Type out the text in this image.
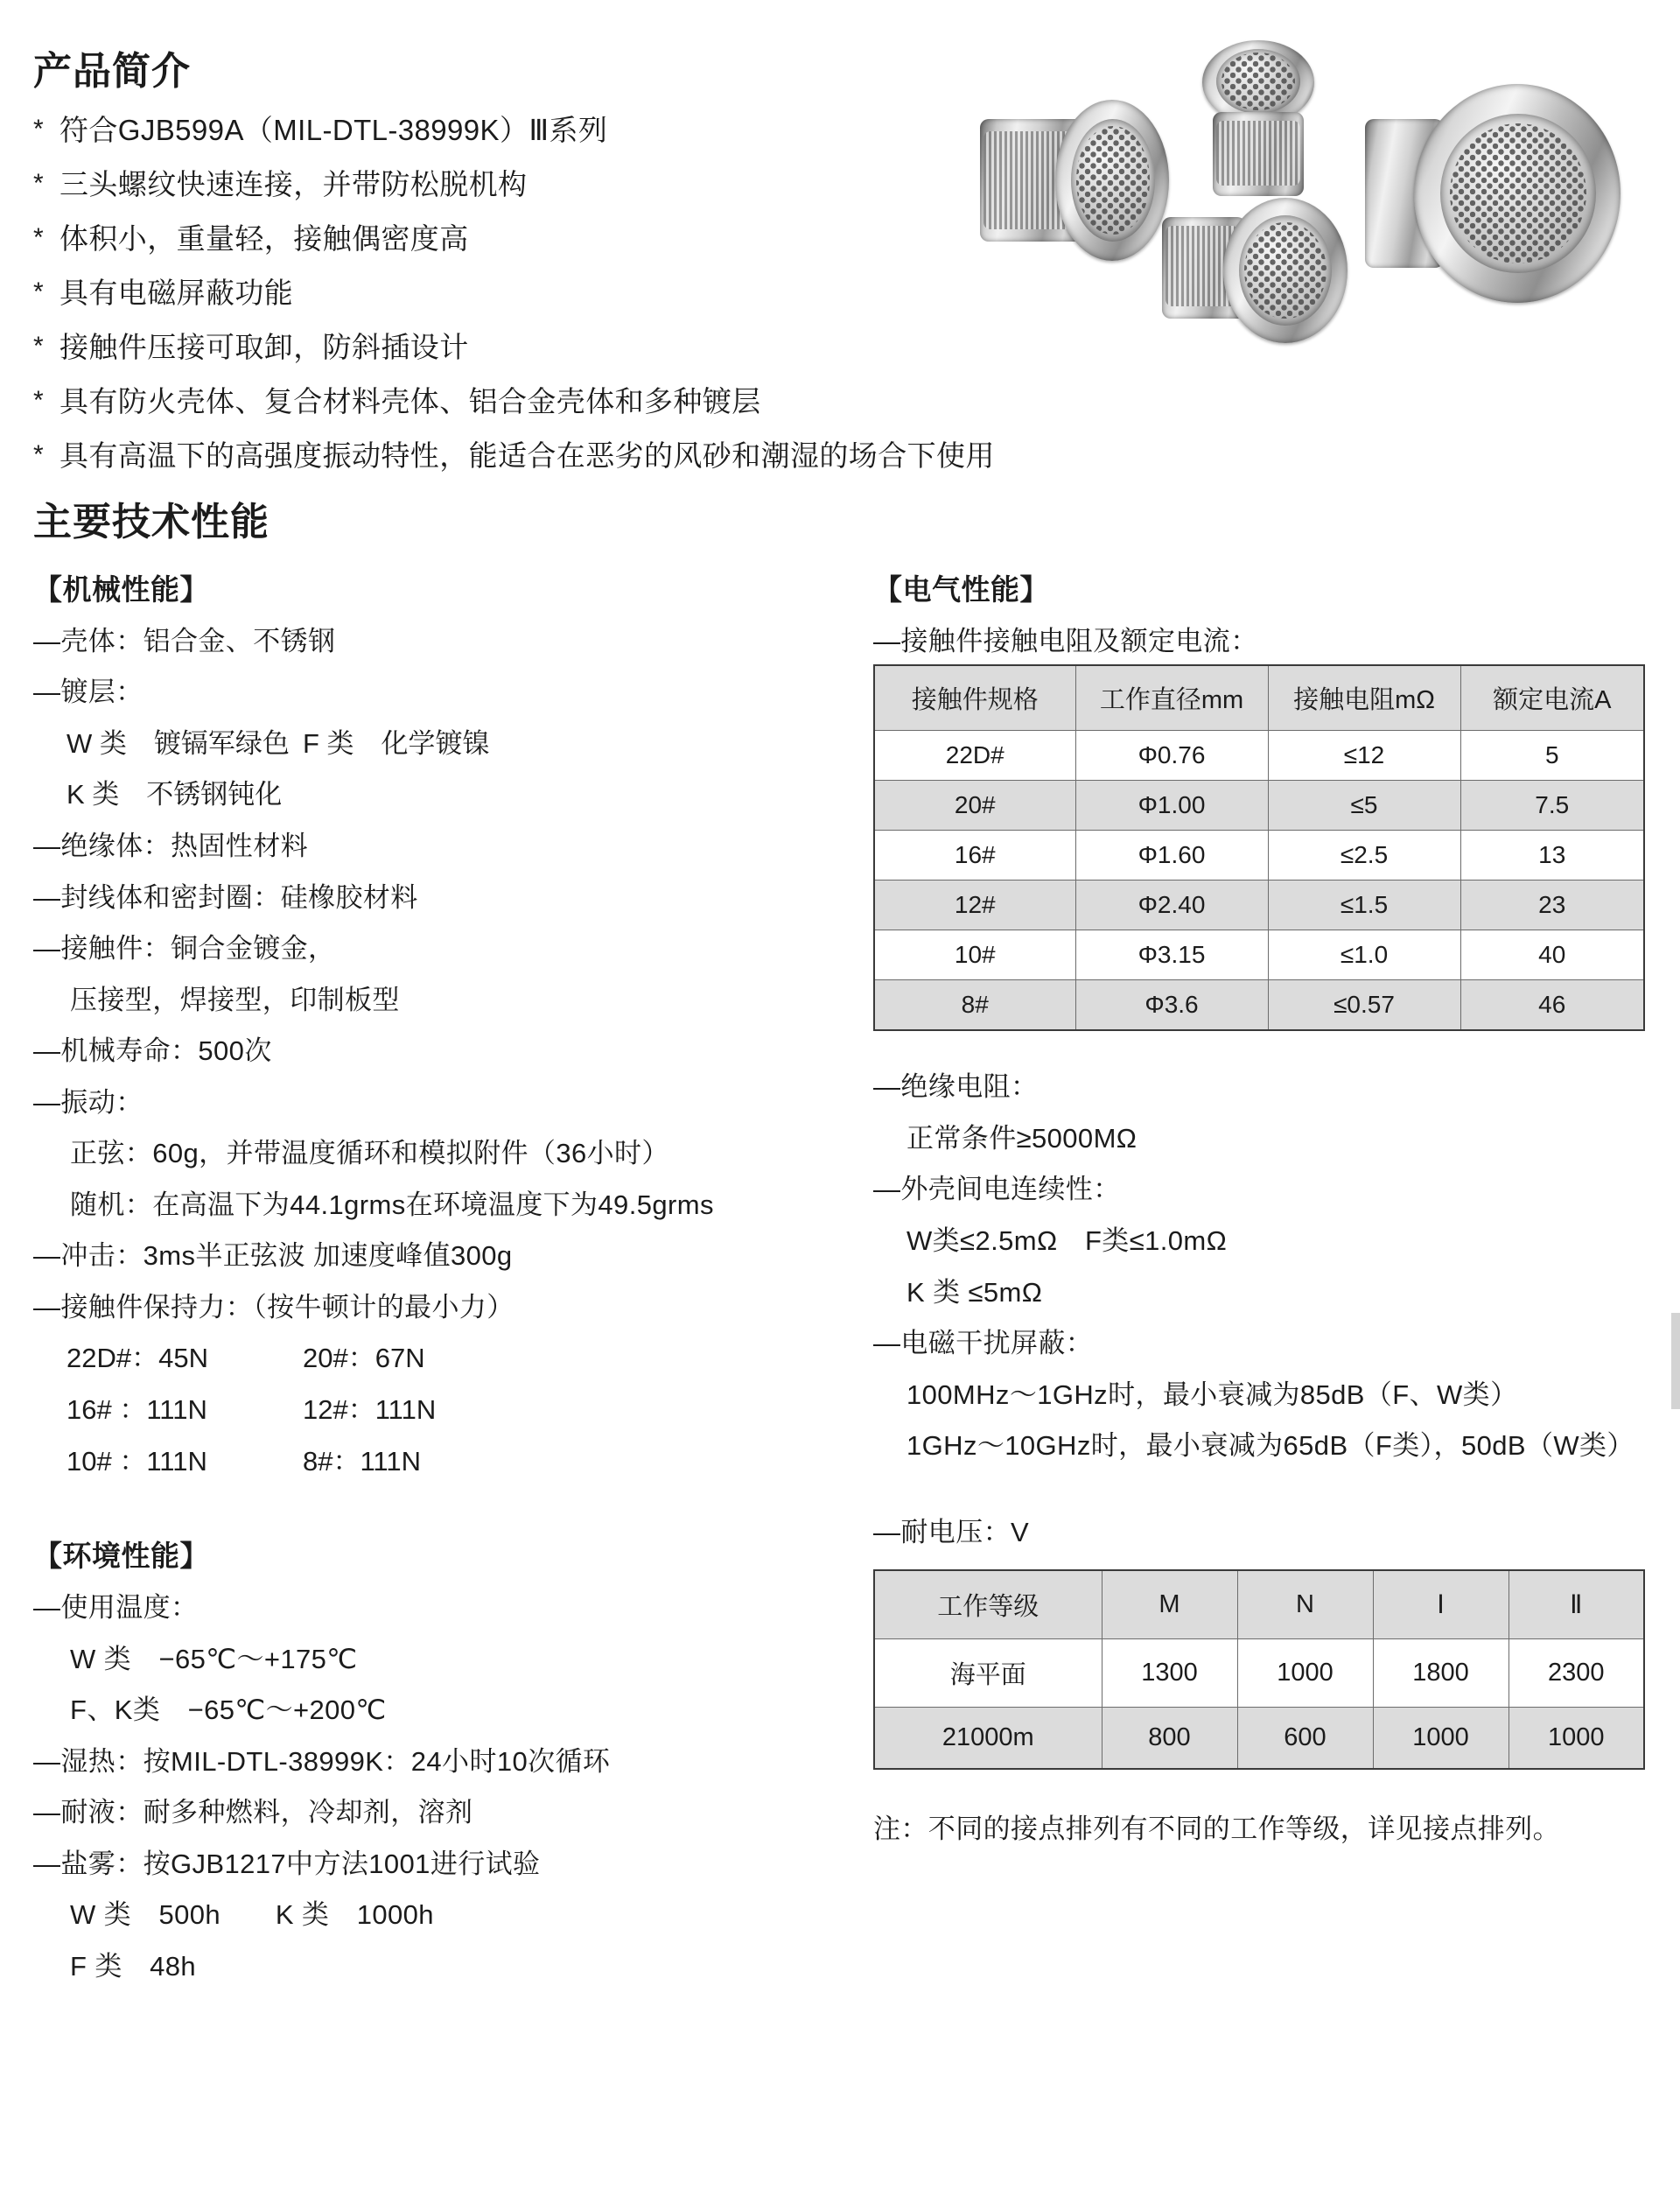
产品简介
* 符合GJB599A（MIL-DTL-38999K）Ⅲ系列
* 三头螺纹快速连接，并带防松脱机构
* 体积小，重量轻，接触偶密度高
* 具有电磁屏蔽功能
* 接触件压接可取卸，防斜插设计
* 具有防火壳体、复合材料壳体、铝合金壳体和多种镀层
* 具有高温下的高强度振动特性，能适合在恶劣的风砂和潮湿的场合下使用
主要技术性能
【机械性能】
—壳体：铝合金、不锈钢
—镀层：
W 类　镀镉军绿色 F 类　化学镀镍
K 类　不锈钢钝化
—绝缘体：热固性材料
—封线体和密封圈：硅橡胶材料
—接触件：铜合金镀金，
压接型，焊接型，印制板型
—机械寿命：500次
—振动：
正弦：60g，并带温度循环和模拟附件（36小时）
随机：在高温下为44.1grms在环境温度下为49.5grms
—冲击：3ms半正弦波 加速度峰值300g
—接触件保持力：（按牛顿计的最小力）
22D#：45N	20#：67N
16# ：111N	12#：111N
10# ：111N	8#：111N
【环境性能】
—使用温度：
W 类　−65℃～+175℃
F、K类　−65℃～+200℃
—湿热：按MIL-DTL-38999K：24小时10次循环
—耐液：耐多种燃料，冷却剂，溶剂
—盐雾：按GJB1217中方法1001进行试验
W 类　500h　　K 类　1000h
F 类　48h
【电气性能】
—接触件接触电阻及额定电流：
接触件规格	工作直径mm	接触电阻mΩ	额定电流A
22D#	Φ0.76	≤12	5
20#	Φ1.00	≤5	7.5
16#	Φ1.60	≤2.5	13
12#	Φ2.40	≤1.5	23
10#	Φ3.15	≤1.0	40
8#	Φ3.6	≤0.57	46
—绝缘电阻：
正常条件≥5000MΩ
—外壳间电连续性：
W类≤2.5mΩ　F类≤1.0mΩ
K 类 ≤5mΩ
—电磁干扰屏蔽：
100MHz～1GHz时，最小衰减为85dB（F、W类）
1GHz～10GHz时，最小衰减为65dB（F类），50dB（W类）
—耐电压：V
工作等级	M	N	Ⅰ	Ⅱ
海平面	1300	1000	1800	2300
21000m	800	600	1000	1000
注：不同的接点排列有不同的工作等级，详见接点排列。
